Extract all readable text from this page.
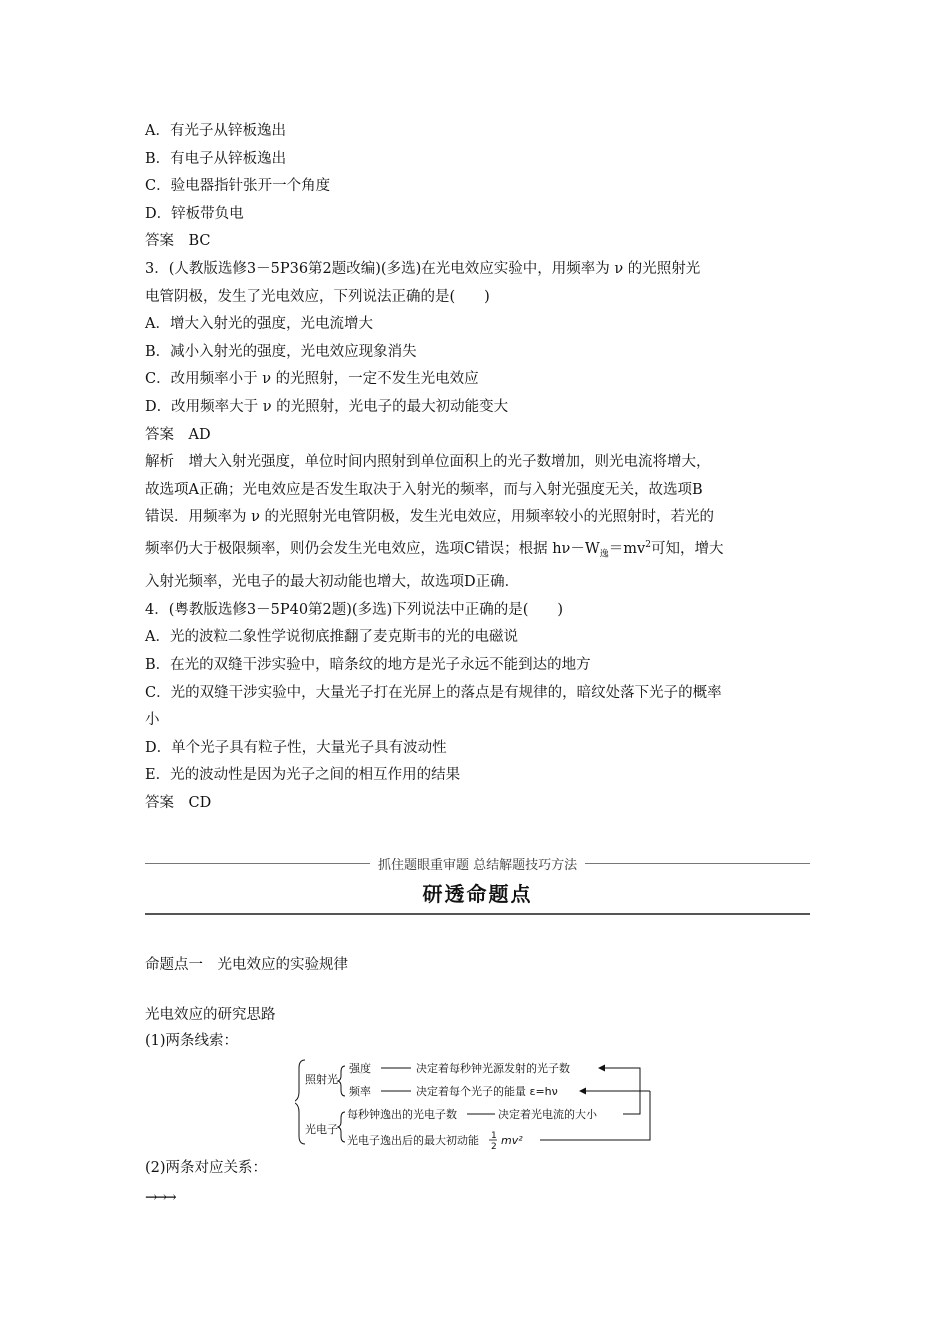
A．有光子从锌板逸出
B．有电子从锌板逸出
C．验电器指针张开一个角度
D．锌板带负电
答案　BC
3．(人教版选修3－5P36第2题改编)(多选)在光电效应实验中，用频率为 ν 的光照射光
电管阴极，发生了光电效应，下列说法正确的是(　　)
A．增大入射光的强度，光电流增大
B．减小入射光的强度，光电效应现象消失
C．改用频率小于 ν 的光照射，一定不发生光电效应
D．改用频率大于 ν 的光照射，光电子的最大初动能变大
答案　AD
解析　增大入射光强度，单位时间内照射到单位面积上的光子数增加，则光电流将增大，
故选项A正确；光电效应是否发生取决于入射光的频率，而与入射光强度无关，故选项B
错误．用频率为 ν 的光照射光电管阴极，发生光电效应，用频率较小的光照射时，若光的
频率仍大于极限频率，则仍会发生光电效应，选项C错误；根据 $h\nu-W_逸=mv^2$可知，增大
入射光频率，光电子的最大初动能也增大，故选项D正确．
4．(粤教版选修3－5P40第2题)(多选)下列说法中正确的是(　　)
A．光的波粒二象性学说彻底推翻了麦克斯韦的光的电磁说
B．在光的双缝干涉实验中，暗条纹的地方是光子永远不能到达的地方
C．光的双缝干涉实验中，大量光子打在光屏上的落点是有规律的，暗纹处落下光子的概率
小
D．单个光子具有粒子性，大量光子具有波动性
E．光的波动性是因为光子之间的相互作用的结果
答案　CD
抓住题眼重审题 总结解题技巧方法
研透命题点
命题点一　光电效应的实验规律
光电效应的研究思路
(1)两条线索：
照射光
光电子
强度	决定着每秒钟光源发射的光子数
频率	决定着每个光子的能量 ε=hν
每秒钟逸出的光电子数	决定着光电流的大小
光电子逸出后的最大初动能 1
2 mv²
(2)两条对应关系：
→→→
